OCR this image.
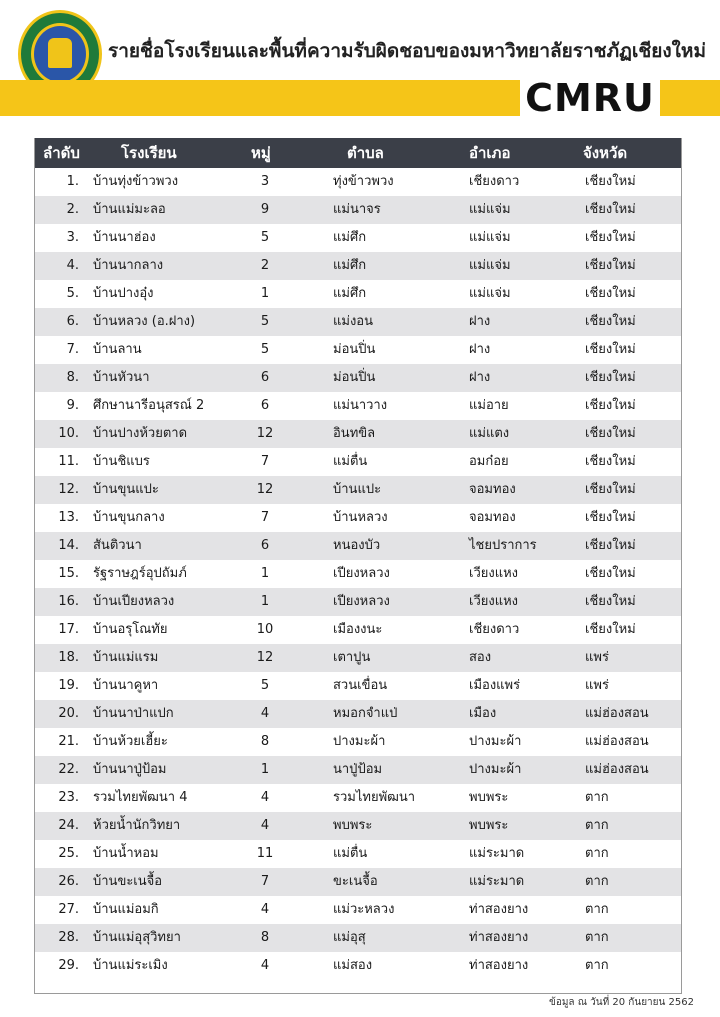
รายชื่อโรงเรียนและพื้นที่ความรับผิดชอบของมหาวิทยาลัยราชภัฏเชียงใหม่
CMRU
ลำดับ	โรงเรียน	หมู่	ตำบล	อำเภอ	จังหวัด
1. บ้านทุ่งข้าวพวง	3	ทุ่งข้าวพวง	เชียงดาว	เชียงใหม่
2. บ้านแม่มะลอ	9	แม่นาจร	แม่แจ่ม	เชียงใหม่
3. บ้านนาฮ่อง	5	แม่ศึก	แม่แจ่ม	เชียงใหม่
4. บ้านนากลาง	2	แม่ศึก	แม่แจ่ม	เชียงใหม่
5. บ้านปางอุ๋ง	1	แม่ศึก	แม่แจ่ม	เชียงใหม่
6. บ้านหลวง (อ.ฝาง)	5	แม่งอน	ฝาง	เชียงใหม่
7. บ้านลาน	5	ม่อนปิ่น	ฝาง	เชียงใหม่
8. บ้านหัวนา	6	ม่อนปิ่น	ฝาง	เชียงใหม่
9. ศึกษานารีอนุสรณ์ 2	6	แม่นาวาง	แม่อาย	เชียงใหม่
10. บ้านปางห้วยตาด	12	อินทขิล	แม่แตง	เชียงใหม่
11. บ้านชิแบร	7	แม่ตื่น	อมก๋อย	เชียงใหม่
12. บ้านขุนแปะ	12	บ้านแปะ	จอมทอง	เชียงใหม่
13. บ้านขุนกลาง	7	บ้านหลวง	จอมทอง	เชียงใหม่
14. สันติวนา	6	หนองบัว	ไชยปราการ	เชียงใหม่
15. รัฐราษฎร์อุปถัมภ์	1	เปียงหลวง	เวียงแหง	เชียงใหม่
16. บ้านเปียงหลวง	1	เปียงหลวง	เวียงแหง	เชียงใหม่
17. บ้านอรุโณทัย	10	เมืองงนะ	เชียงดาว	เชียงใหม่
18. บ้านแม่แรม	12	เตาปูน	สอง	แพร่
19. บ้านนาคูหา	5	สวนเขื่อน	เมืองแพร่	แพร่
20. บ้านนาป่าแปก	4	หมอกจำแป่	เมือง	แม่ฮ่องสอน
21. บ้านห้วยเฮี้ยะ	8	ปางมะผ้า	ปางมะผ้า	แม่ฮ่องสอน
22. บ้านนาปู่ป้อม	1	นาปู่ป้อม	ปางมะผ้า	แม่ฮ่องสอน
23. รวมไทยพัฒนา 4	4	รวมไทยพัฒนา	พบพระ	ตาก
24. ห้วยน้ำนักวิทยา	4	พบพระ	พบพระ	ตาก
25. บ้านน้ำหอม	11	แม่ตื่น	แม่ระมาด	ตาก
26. บ้านขะเนจื้อ	7	ขะเนจื้อ	แม่ระมาด	ตาก
27. บ้านแม่อมกิ	4	แม่วะหลวง	ท่าสองยาง	ตาก
28. บ้านแม่อุสุวิทยา	8	แม่อุสุ	ท่าสองยาง	ตาก
29. บ้านแม่ระเมิง	4	แม่สอง	ท่าสองยาง	ตาก
ข้อมูล ณ วันที่ 20 กันยายน 2562
